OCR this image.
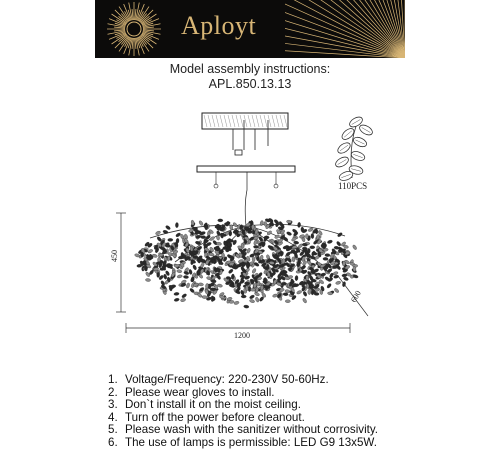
Aployt
Model assembly instructions:
APL.850.13.13
110PCS
1200
450
600
1. Voltage/Frequency: 220-230V 50-60Hz.
2. Please wear gloves to install.
3. Don`t install it on the moist ceiling.
4. Turn off the power before cleanout.
5. Please wash with the sanitizer without corrosivity.
6. The use of lamps is permissible: LED G9 13x5W.
